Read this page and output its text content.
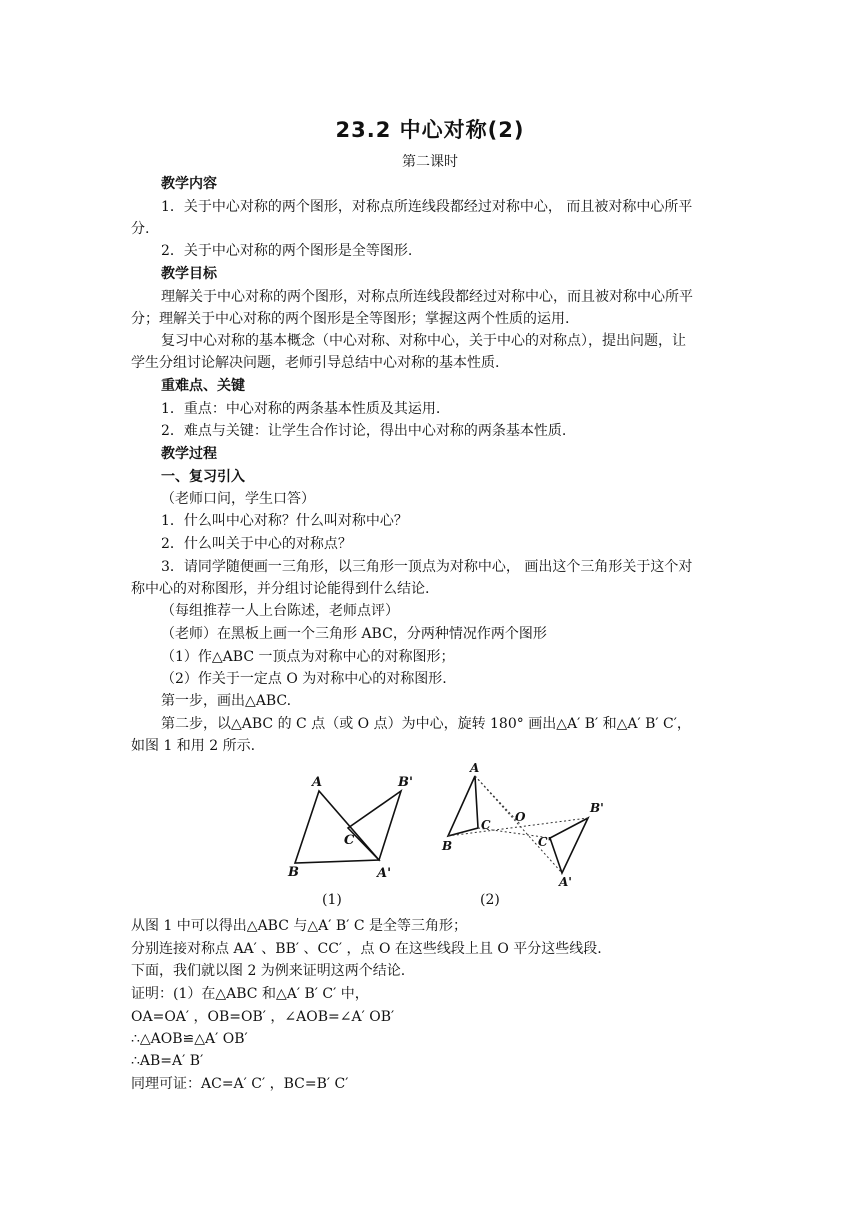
23.2 中心对称(2)
第二课时
教学内容
1．关于中心对称的两个图形，对称点所连线段都经过对称中心， 而且被对称中心所平
分.
2．关于中心对称的两个图形是全等图形.
教学目标
理解关于中心对称的两个图形，对称点所连线段都经过对称中心，而且被对称中心所平
分；理解关于中心对称的两个图形是全等图形；掌握这两个性质的运用.
复习中心对称的基本概念（中心对称、对称中心，关于中心的对称点），提出问题，让
学生分组讨论解决问题，老师引导总结中心对称的基本性质.
重难点、关键
1．重点：中心对称的两条基本性质及其运用.
2．难点与关键：让学生合作讨论，得出中心对称的两条基本性质.
教学过程
一、复习引入
（老师口问，学生口答）
1．什么叫中心对称？什么叫对称中心？
2．什么叫关于中心的对称点？
3．请同学随便画一三角形，以三角形一顶点为对称中心， 画出这个三角形关于这个对
称中心的对称图形，并分组讨论能得到什么结论.
（每组推荐一人上台陈述，老师点评）
（老师）在黑板上画一个三角形 ABC，分两种情况作两个图形
（1）作△ABC 一顶点为对称中心的对称图形；
（2）作关于一定点 O 为对称中心的对称图形.
第一步，画出△ABC.
第二步，以△ABC 的 C 点（或 O 点）为中心，旋转 180° 画出△A′ B′ 和△A′ B′ C′，
如图 1 和用 2 所示.
A	B'
C
B	A'
A
C
O
B'
C'
B
A'
(1)	(2)
从图 1 中可以得出△ABC 与△A′ B′ C 是全等三角形；
分别连接对称点 AA′ 、BB′ 、CC′ ，点 O 在这些线段上且 O 平分这些线段.
下面，我们就以图 2 为例来证明这两个结论.
证明：(1）在△ABC 和△A′ B′ C′ 中，
OA=OA′ ，OB=OB′ ，∠AOB=∠A′ OB′
∴△AOB≌△A′ OB′
∴AB=A′ B′
同理可证：AC=A′ C′ ，BC=B′ C′
